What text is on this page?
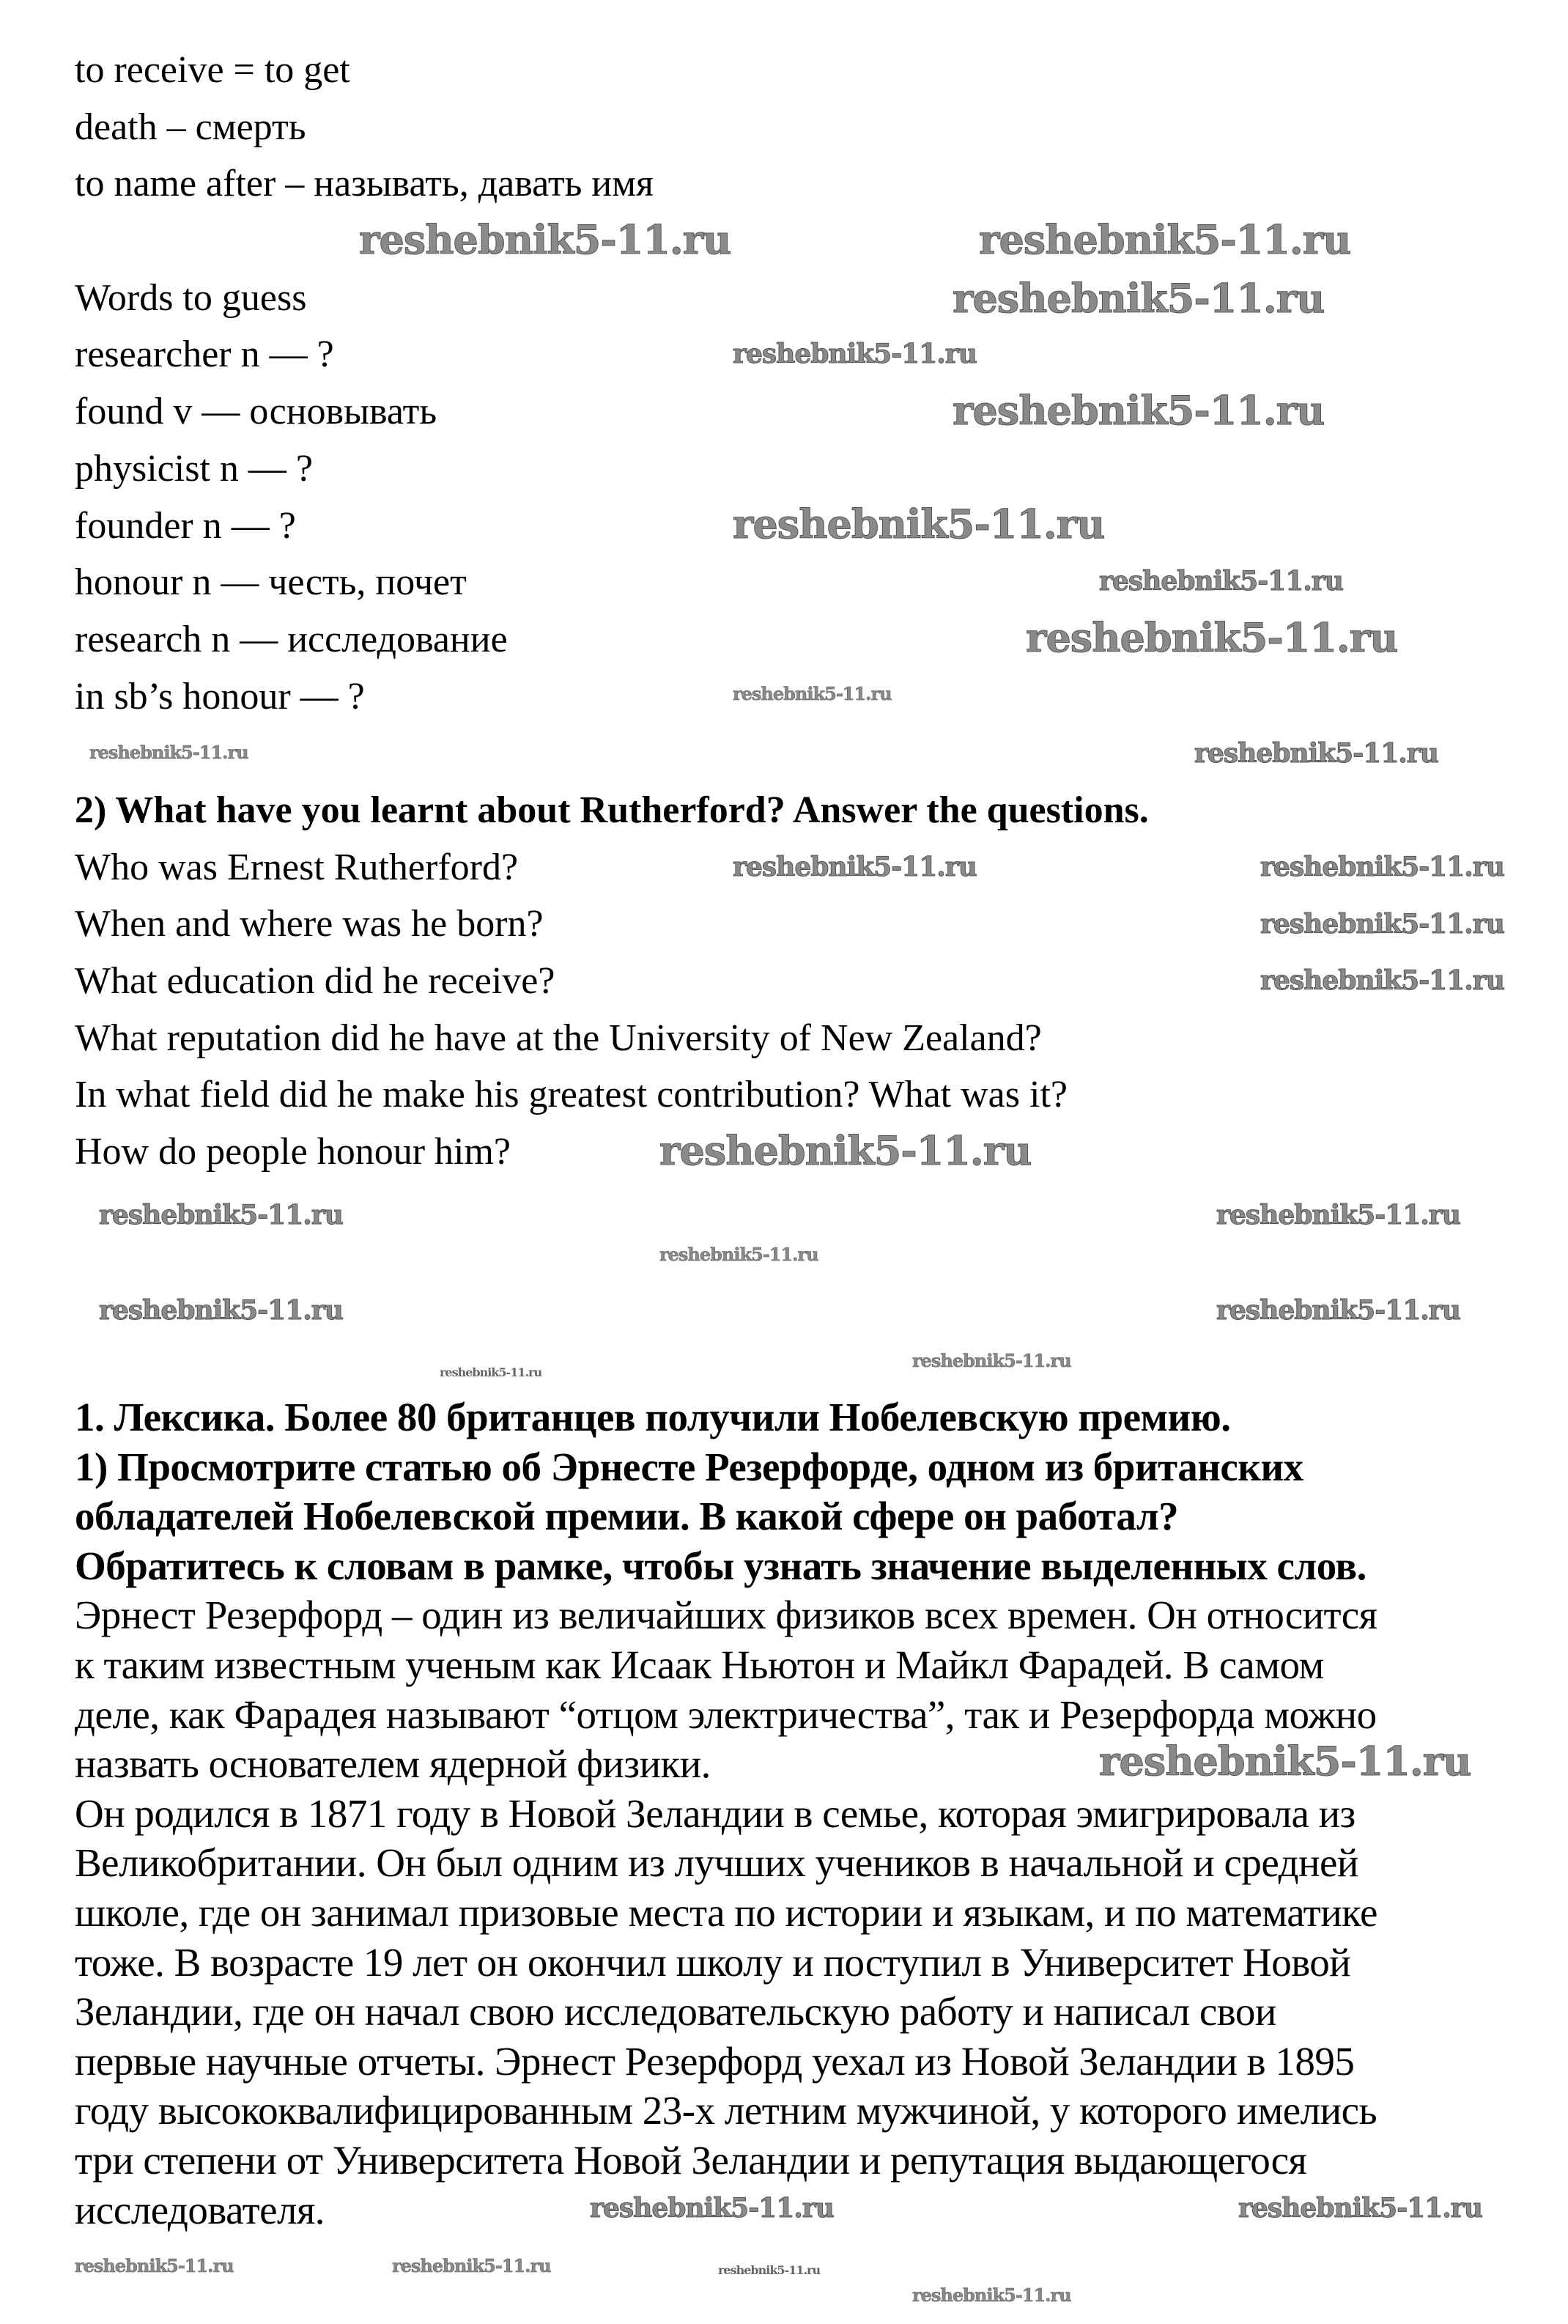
to receive = to get
death – смерть
to name after – называть, давать имя
Words to guess
researcher n — ?
found v — основывать
physicist n — ?
founder n — ?
honour n — честь, почет
research n — исследование
in sb’s honour — ?
2) What have you learnt about Rutherford? Answer the questions.
Who was Ernest Rutherford?
When and where was he born?
What education did he receive?
What reputation did he have at the University of New Zealand?
In what field did he make his greatest contribution? What was it?
How do people honour him?
1. Лексика. Более 80 британцев получили Нобелевскую премию.
1) Просмотрите статью об Эрнесте Резерфорде, одном из британских
обладателей Нобелевской премии. В какой сфере он работал?
Обратитесь к словам в рамке, чтобы узнать значение выделенных слов.
Эрнест Резерфорд – один из величайших физиков всех времен. Он относится
к таким известным ученым как Исаак Ньютон и Майкл Фарадей. В самом
деле, как Фарадея называют “отцом электричества”, так и Резерфорда можно
назвать основателем ядерной физики.
Он родился в 1871 году в Новой Зеландии в семье, которая эмигрировала из
Великобритании. Он был одним из лучших учеников в начальной и средней
школе, где он занимал призовые места по истории и языкам, и по математике
тоже. В возрасте 19 лет он окончил школу и поступил в Университет Новой
Зеландии, где он начал свою исследовательскую работу и написал свои
первые научные отчеты. Эрнест Резерфорд уехал из Новой Зеландии в 1895
году высококвалифицированным 23-х летним мужчиной, у которого имелись
три степени от Университета Новой Зеландии и репутация выдающегося
исследователя.
reshebnik5-11.ru	reshebnik5-11.ru
reshebnik5-11.ru
reshebnik5-11.ru
reshebnik5-11.ru
reshebnik5-11.ru
reshebnik5-11.ru
reshebnik5-11.ru
reshebnik5-11.ru
reshebnik5-11.ru	reshebnik5-11.ru
reshebnik5-11.ru	reshebnik5-11.ru
reshebnik5-11.ru
reshebnik5-11.ru
reshebnik5-11.ru
reshebnik5-11.ru	reshebnik5-11.ru
reshebnik5-11.ru
reshebnik5-11.ru	reshebnik5-11.ru
reshebnik5-11.ru
reshebnik5-11.ru
reshebnik5-11.ru
reshebnik5-11.ru	reshebnik5-11.ru
reshebnik5-11.ru	reshebnik5-11.ru	reshebnik5-11.ru
reshebnik5-11.ru
